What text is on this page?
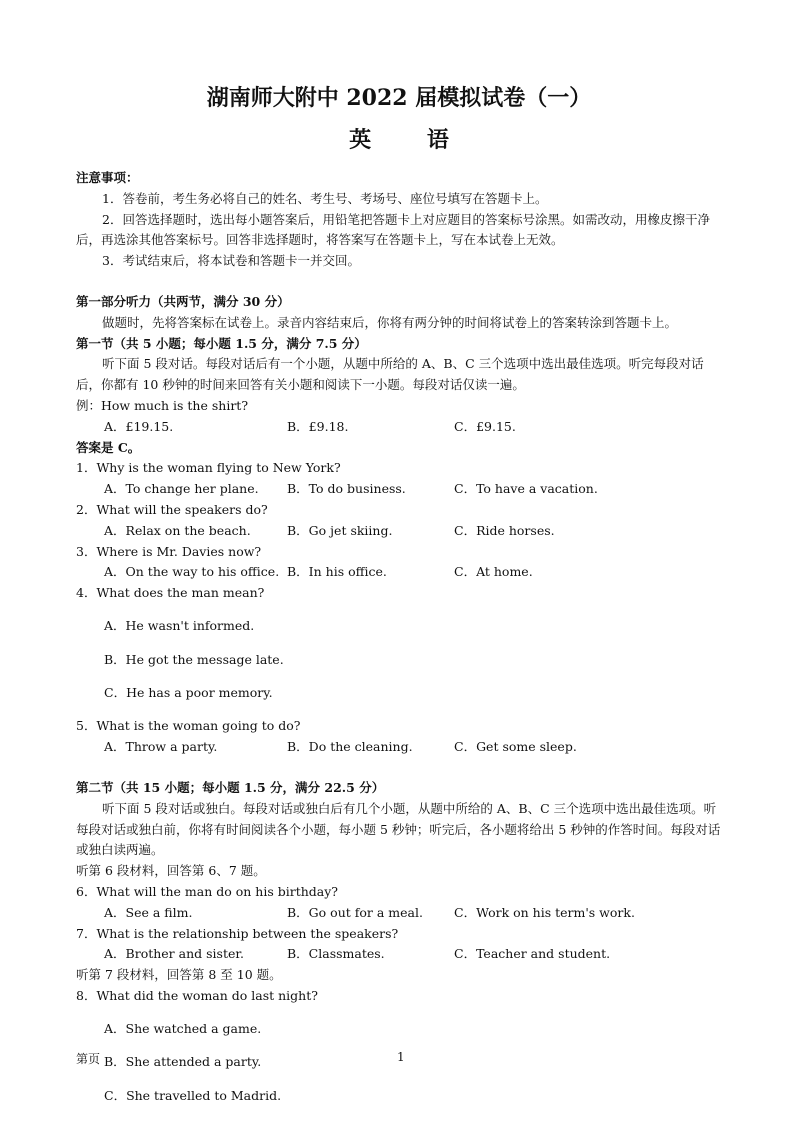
湖南师大附中 2022 届模拟试卷（一）
英 语

注意事项：

1．答卷前，考生务必将自己的姓名、考生号、考场号、座位号填写在答题卡上。

2．回答选择题时，选出每小题答案后，用铅笔把答题卡上对应题目的答案标号涂黑。如需改动，用橡皮擦干净后，再选涂其他答案标号。回答非选择题时，将答案写在答题卡上，写在本试卷上无效。

3．考试结束后，将本试卷和答题卡一并交回。

第一部分听力（共两节，满分 30 分）

做题时，先将答案标在试卷上。录音内容结束后，你将有两分钟的时间将试卷上的答案转涂到答题卡上。

第一节（共 5 小题；每小题 1.5 分，满分 7.5 分）

听下面 5 段对话。每段对话后有一个小题，从题中所给的 A、B、C 三个选项中选出最佳选项。听完每段对话后，你都有 10 秒钟的时间来回答有关小题和阅读下一小题。每段对话仅读一遍。

例：How much is the shirt?

A．£19.15.	B．£9.18.	C．£9.15.

答案是 C。

1．Why is the woman flying to New York?

A．To change her plane.	B．To do business.	C．To have a vacation.

2．What will the speakers do?

A．Relax on the beach.	B．Go jet skiing.	C．Ride horses.

3．Where is Mr. Davies now?

A．On the way to his office. B．In his office.	C．At home.

4．What does the man mean?

A．He wasn't informed.

B．He got the message late.

C．He has a poor memory.

5．What is the woman going to do?

A．Throw a party.	B．Do the cleaning.	C．Get some sleep.

第二节（共 15 小题；每小题 1.5 分，满分 22.5 分）

听下面 5 段对话或独白。每段对话或独白后有几个小题，从题中所给的 A、B、C 三个选项中选出最佳选项。听每段对话或独白前，你将有时间阅读各个小题，每小题 5 秒钟；听完后，各小题将给出 5 秒钟的作答时间。每段对话或独白读两遍。

听第 6 段材料，回答第 6、7 题。

6．What will the man do on his birthday?

A．See a film.	B．Go out for a meal.	C．Work on his term's work.

7．What is the relationship between the speakers?

A．Brother and sister.	B．Classmates.	C．Teacher and student.

听第 7 段材料，回答第 8 至 10 题。

8．What did the woman do last night?

A．She watched a game.

B．She attended a party.

C．She travelled to Madrid.

第页	1
